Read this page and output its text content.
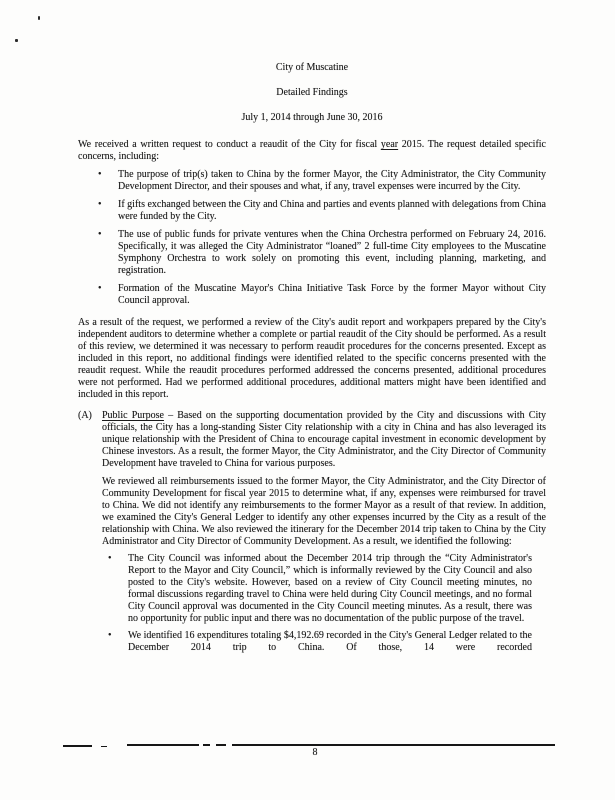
City of Muscatine
Detailed Findings
July 1, 2014 through June 30, 2016

We received a written request to conduct a reaudit of the City for fiscal year 2015. The request detailed specific concerns, including:

•	The purpose of trip(s) taken to China by the former Mayor, the City Administrator, the City Community Development Director, and their spouses and what, if any, travel expenses were incurred by the City.
•	If gifts exchanged between the City and China and parties and events planned with delegations from China were funded by the City.
•	The use of public funds for private ventures when the China Orchestra performed on February 24, 2016. Specifically, it was alleged the City Administrator “loaned” 2 full-time City employees to the Muscatine Symphony Orchestra to work solely on promoting this event, including planning, marketing, and registration.
•	Formation of the Muscatine Mayor's China Initiative Task Force by the former Mayor without City Council approval.

As a result of the request, we performed a review of the City's audit report and workpapers prepared by the City's independent auditors to determine whether a complete or partial reaudit of the City should be performed. As a result of this review, we determined it was necessary to perform reaudit procedures for the concerns presented. Except as included in this report, no additional findings were identified related to the specific concerns presented with the reaudit request. While the reaudit procedures performed addressed the concerns presented, additional procedures were not performed. Had we performed additional procedures, additional matters might have been identified and included in this report.

(A)	Public Purpose – Based on the supporting documentation provided by the City and discussions with City officials, the City has a long-standing Sister City relationship with a city in China and has also leveraged its unique relationship with the President of China to encourage capital investment in economic development by Chinese investors. As a result, the former Mayor, the City Administrator, and the City Director of Community Development have traveled to China for various purposes.

We reviewed all reimbursements issued to the former Mayor, the City Administrator, and the City Director of Community Development for fiscal year 2015 to determine what, if any, expenses were reimbursed for travel to China. We did not identify any reimbursements to the former Mayor as a result of that review. In addition, we examined the City's General Ledger to identify any other expenses incurred by the City as a result of the relationship with China. We also reviewed the itinerary for the December 2014 trip taken to China by the City Administrator and City Director of Community Development. As a result, we identified the following:

•	The City Council was informed about the December 2014 trip through the “City Administrator's Report to the Mayor and City Council,” which is informally reviewed by the City Council and also posted to the City's website. However, based on a review of City Council meeting minutes, no formal discussions regarding travel to China were held during City Council meetings, and no formal City Council approval was documented in the City Council meeting minutes. As a result, there was no opportunity for public input and there was no documentation of the public purpose of the travel.
•	We identified 16 expenditures totaling $4,192.69 recorded in the City's General Ledger related to the December 2014 trip to China. Of those, 14 were recorded
8
